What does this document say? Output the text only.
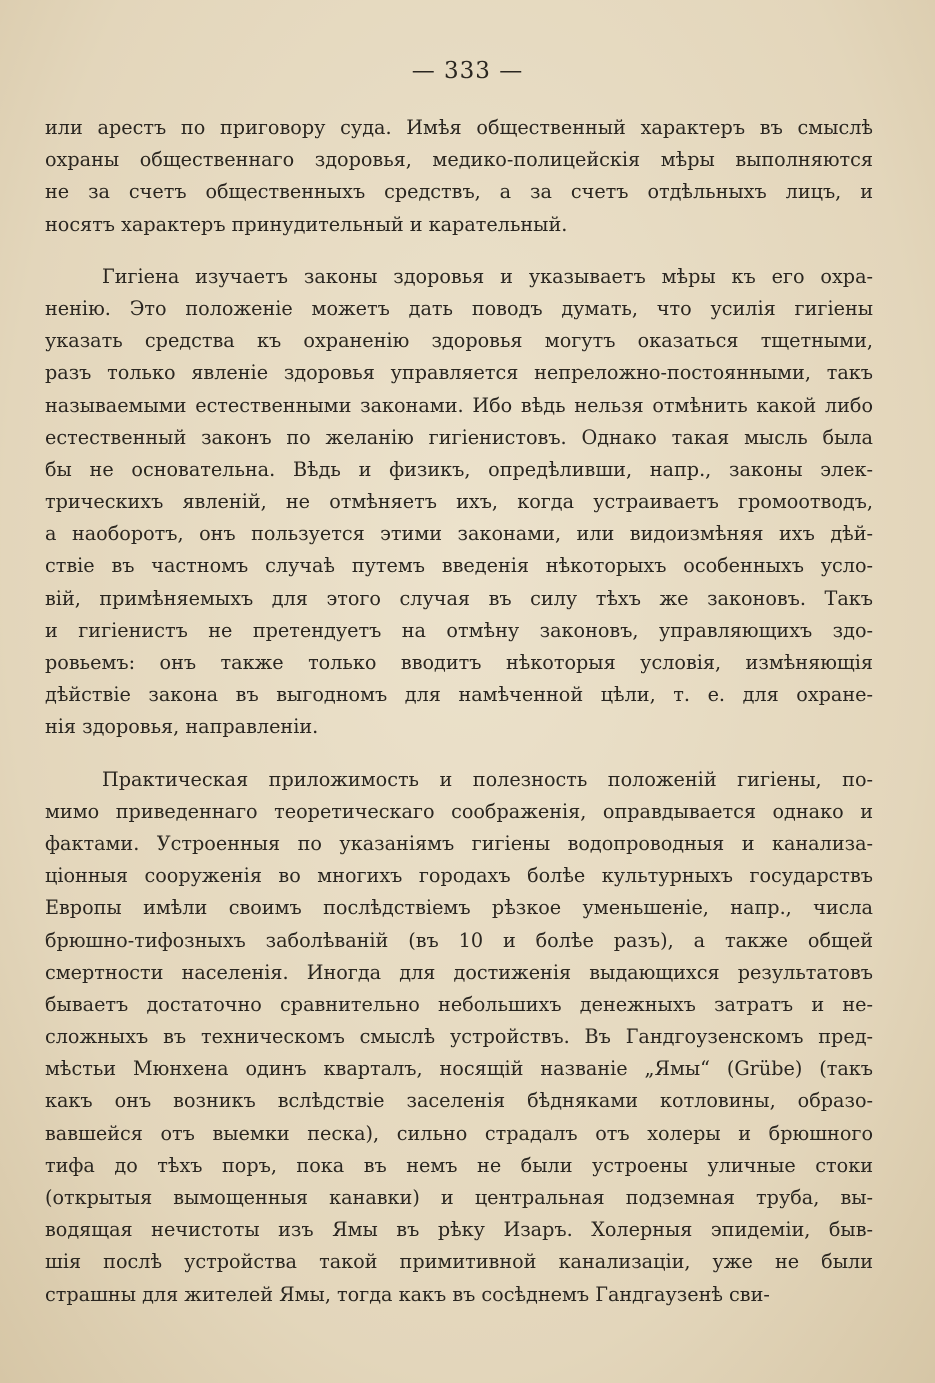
— 333 —
или арестъ по приговору суда. Имѣя общественный характеръ въ смыслѣ
охраны общественнаго здоровья, медико-полицейскія мѣры выполняются
не за счетъ общественныхъ средствъ, а за счетъ отдѣльныхъ лицъ, и
носятъ характеръ принудительный и карательный.
Гигіена изучаетъ законы здоровья и указываетъ мѣры къ его охра-
ненію. Это положеніе можетъ дать поводъ думать, что усилія гигіены
указать средства къ охраненію здоровья могутъ оказаться тщетными,
разъ только явленіе здоровья управляется непреложно-постоянными, такъ
называемыми естественными законами. Ибо вѣдь нельзя отмѣнить какой либо
естественный законъ по желанію гигіенистовъ. Однако такая мысль была
бы не основательна. Вѣдь и физикъ, опредѣливши, напр., законы элек-
трическихъ явленій, не отмѣняетъ ихъ, когда устраиваетъ громоотводъ,
а наоборотъ, онъ пользуется этими законами, или видоизмѣняя ихъ дѣй-
ствіе въ частномъ случаѣ путемъ введенія нѣкоторыхъ особенныхъ усло-
вій, примѣняемыхъ для этого случая въ силу тѣхъ же законовъ. Такъ
и гигіенистъ не претендуетъ на отмѣну законовъ, управляющихъ здо-
ровьемъ: онъ также только вводитъ нѣкоторыя условія, измѣняющія
дѣйствіе закона въ выгодномъ для намѣченной цѣли, т. е. для охране-
нія здоровья, направленіи.
Практическая приложимость и полезность положеній гигіены, по-
мимо приведеннаго теоретическаго соображенія, оправдывается однако и
фактами. Устроенныя по указаніямъ гигіены водопроводныя и канализа-
ціонныя сооруженія во многихъ городахъ болѣе культурныхъ государствъ
Европы имѣли своимъ послѣдствіемъ рѣзкое уменьшеніе, напр., числа
брюшно-тифозныхъ заболѣваній (въ 10 и болѣе разъ), а также общей
смертности населенія. Иногда для достиженія выдающихся результатовъ
бываетъ достаточно сравнительно небольшихъ денежныхъ затратъ и не-
сложныхъ въ техническомъ смыслѣ устройствъ. Въ Гандгоузенскомъ пред-
мѣстьи Мюнхена одинъ кварталъ, носящій названіе „Ямы“ (Grübe) (такъ
какъ онъ возникъ вслѣдствіе заселенія бѣдняками котловины, образо-
вавшейся отъ выемки песка), сильно страдалъ отъ холеры и брюшного
тифа до тѣхъ поръ, пока въ немъ не были устроены уличные стоки
(открытыя вымощенныя канавки) и центральная подземная труба, вы-
водящая нечистоты изъ Ямы въ рѣку Изаръ. Холерныя эпидеміи, быв-
шія послѣ устройства такой примитивной канализаціи, уже не были
страшны для жителей Ямы, тогда какъ въ сосѣднемъ Гандгаузенѣ сви-
